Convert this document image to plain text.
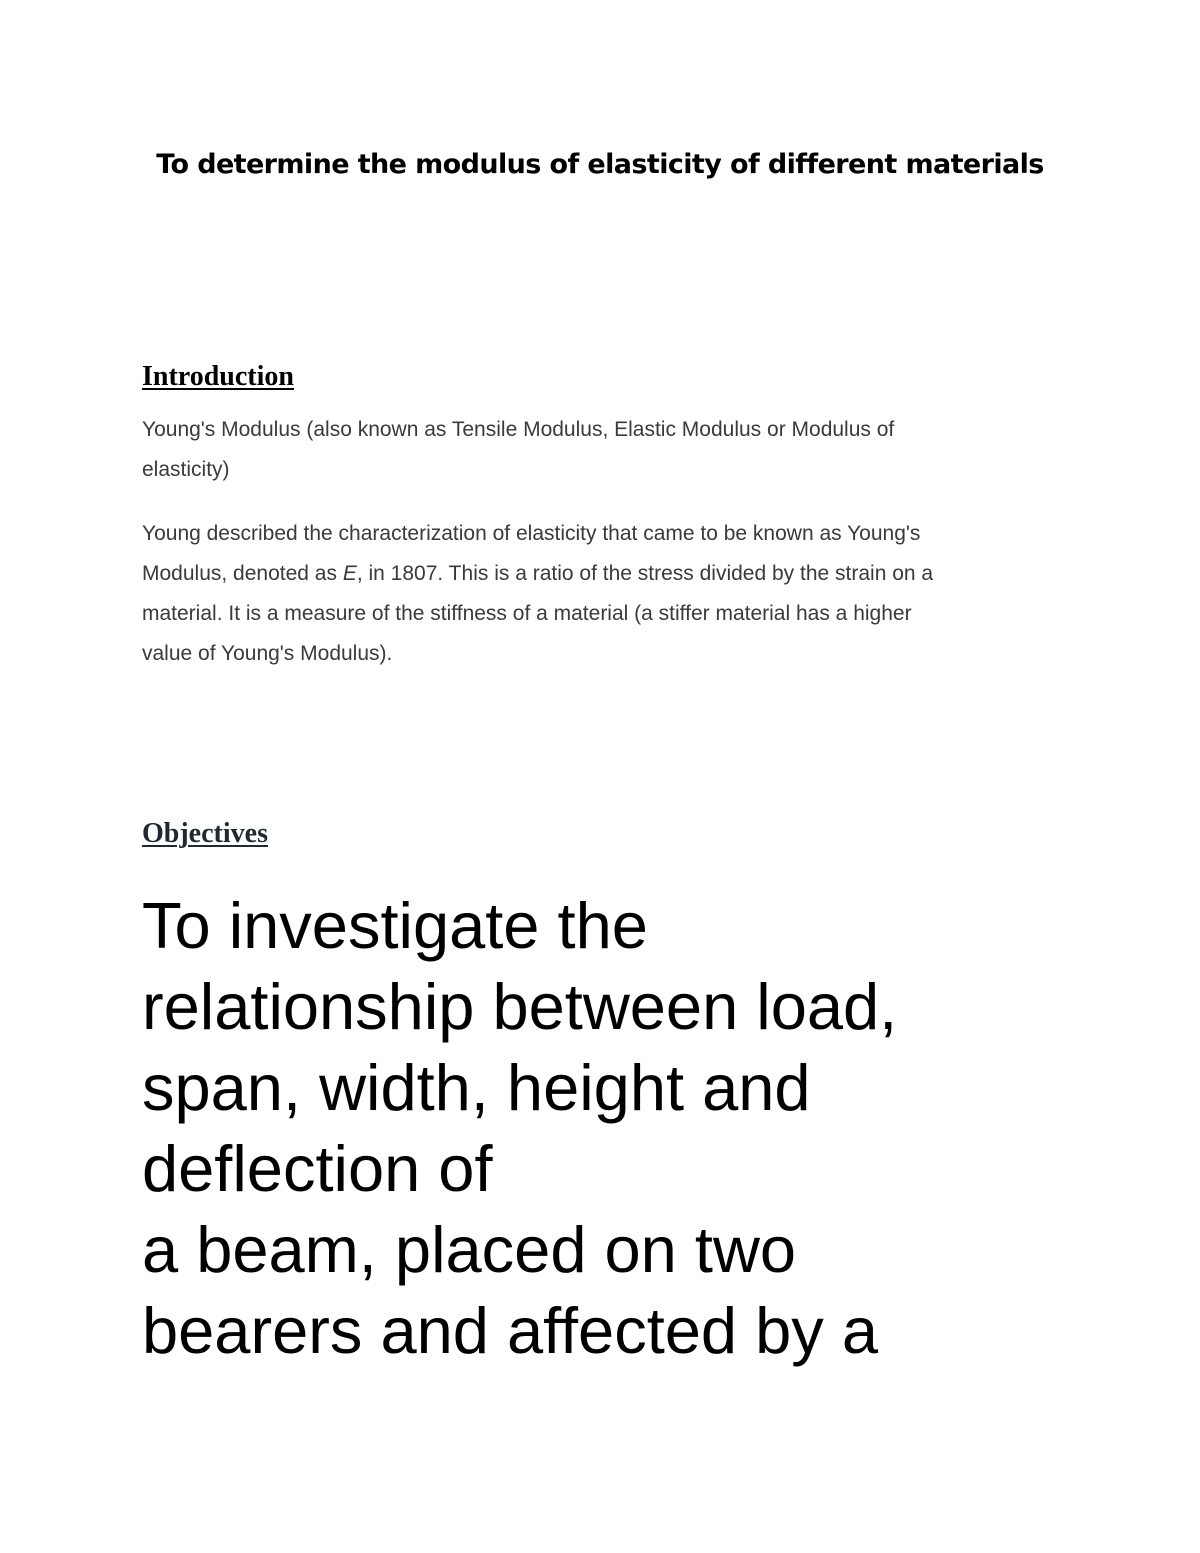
To determine the modulus of elasticity of different materials
Introduction

Young's Modulus (also known as Tensile Modulus, Elastic Modulus or Modulus of
elasticity)

Young described the characterization of elasticity that came to be known as Young's
Modulus, denoted as E, in 1807. This is a ratio of the stress divided by the strain on a
material. It is a measure of the stiffness of a material (a stiffer material has a higher
value of Young's Modulus).

Objectives

To investigate the
relationship between load,
span, width, height and
deflection of
a beam, placed on two
bearers and affected by a
